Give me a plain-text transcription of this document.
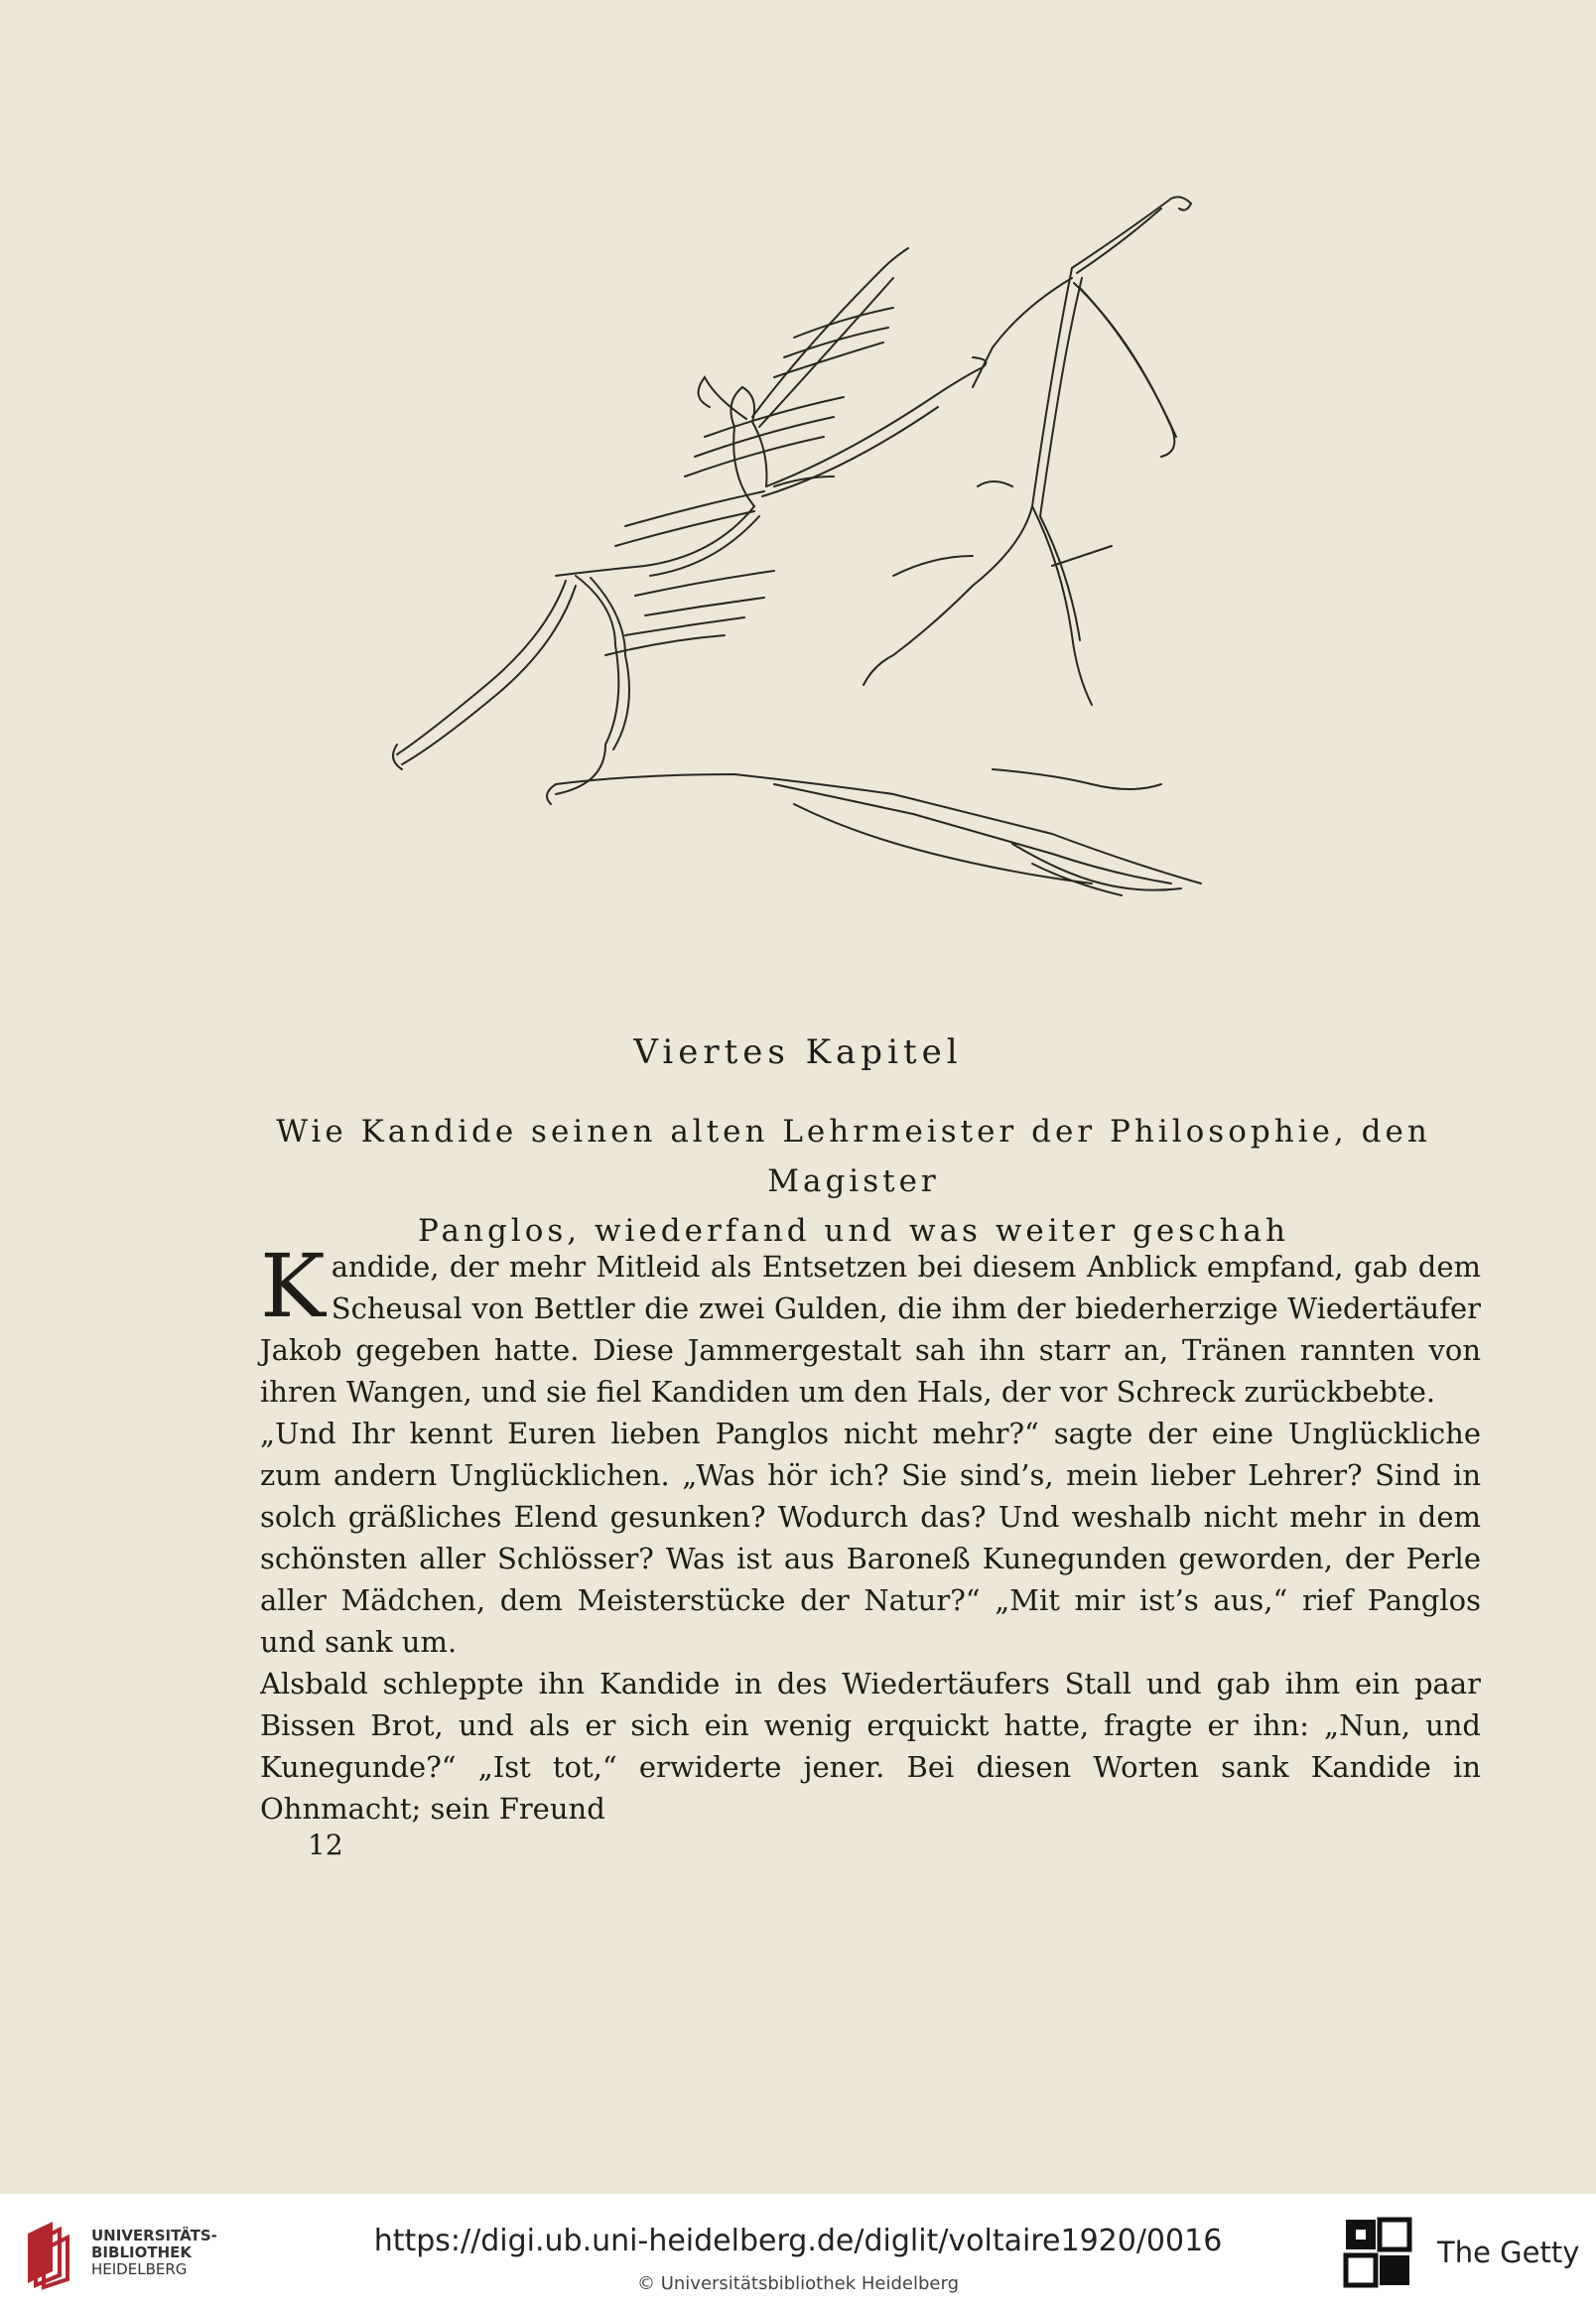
Viertes Kapitel
Wie Kandide seinen alten Lehrmeister der Philosophie, den Magister
Panglos, wiederfand und was weiter geschah

Kandide, der mehr Mitleid als Entsetzen bei diesem Anblick empfand, gab dem Scheusal von Bettler die zwei Gulden, die ihm der biederherzige Wiedertäufer Jakob gegeben hatte. Diese Jammergestalt sah ihn starr an, Tränen rannten von ihren Wangen, und sie fiel Kandiden um den Hals, der vor Schreck zurückbebte.

„Und Ihr kennt Euren lieben Panglos nicht mehr?“ sagte der eine Unglückliche zum andern Unglücklichen. „Was hör ich? Sie sind’s, mein lieber Lehrer? Sind in solch gräßliches Elend gesunken? Wodurch das? Und weshalb nicht mehr in dem schönsten aller Schlösser? Was ist aus Baroneß Kunegunden geworden, der Perle aller Mädchen, dem Meisterstücke der Natur?“ „Mit mir ist’s aus,“ rief Panglos und sank um.

Alsbald schleppte ihn Kandide in des Wiedertäufers Stall und gab ihm ein paar Bissen Brot, und als er sich ein wenig erquickt hatte, fragte er ihn: „Nun, und Kunegunde?“ „Ist tot,“ erwiderte jener. Bei diesen Worten sank Kandide in Ohnmacht; sein Freund

12
UNIVERSITÄTS-
BIBLIOTHEK
HEIDELBERG
https://digi.ub.uni-heidelberg.de/diglit/voltaire1920/0016
© Universitätsbibliothek Heidelberg
The Getty
